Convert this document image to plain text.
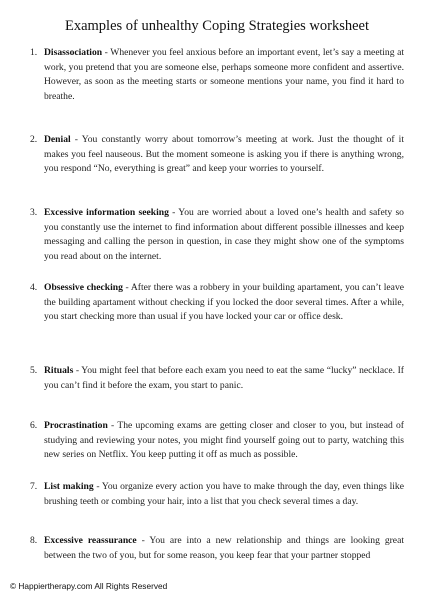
Examples of unhealthy Coping Strategies worksheet
1. Disassociation - Whenever you feel anxious before an important event, let’s say a meeting at work, you pretend that you are someone else, perhaps someone more confident and assertive. However, as soon as the meeting starts or someone mentions your name, you find it hard to breathe.
2. Denial - You constantly worry about tomorrow’s meeting at work. Just the thought of it makes you feel nauseous. But the moment someone is asking you if there is anything wrong, you respond “No, everything is great” and keep your worries to yourself.
3. Excessive information seeking - You are worried about a loved one’s health and safety so you constantly use the internet to find information about different possible illnesses and keep messaging and calling the person in question, in case they might show one of the symptoms you read about on the internet.
4. Obsessive checking - After there was a robbery in your building apartament, you can’t leave the building apartament without checking if you locked the door several times. After a while, you start checking more than usual if you have locked your car or office desk.
5. Rituals - You might feel that before each exam you need to eat the same “lucky” necklace. If you can’t find it before the exam, you start to panic.
6. Procrastination - The upcoming exams are getting closer and closer to you, but instead of studying and reviewing your notes, you might find yourself going out to party, watching this new series on Netflix. You keep putting it off as much as possible.
7. List making - You organize every action you have to make through the day, even things like brushing teeth or combing your hair, into a list that you check several times a day.
8. Excessive reassurance - You are into a new relationship and things are looking great between the two of you, but for some reason, you keep fear that your partner stopped
© Happiertherapy.com All Rights Reserved
